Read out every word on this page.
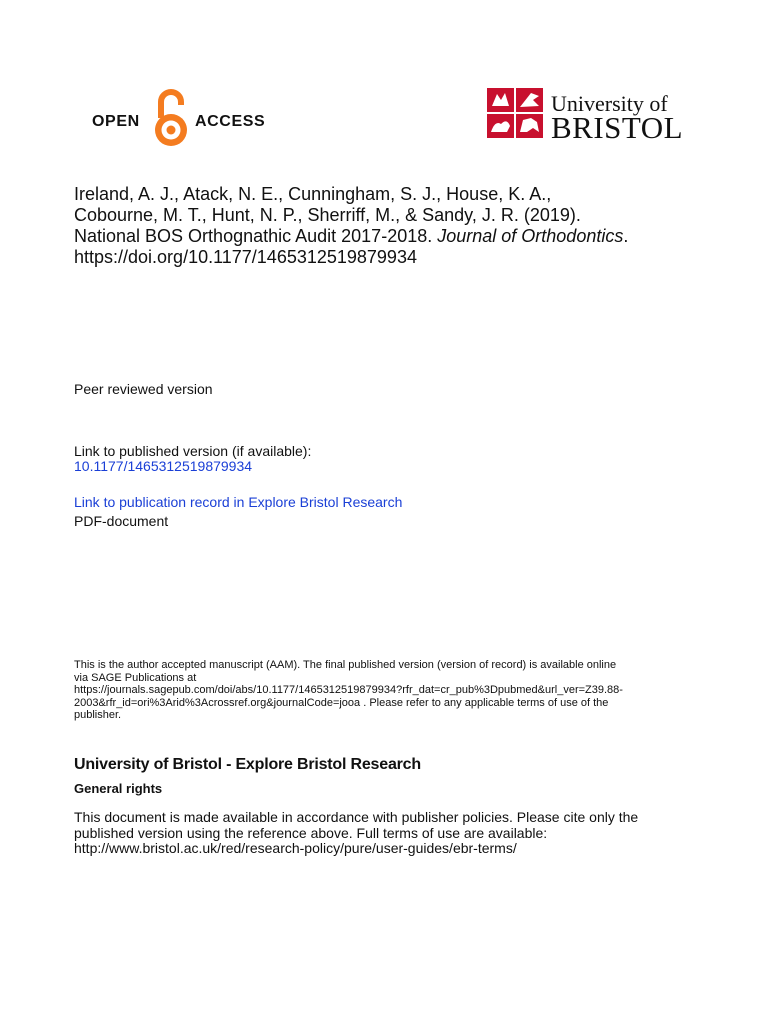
OPEN	ACCESS
University of
BRISTOL
Ireland, A. J., Atack, N. E., Cunningham, S. J., House, K. A.,
Cobourne, M. T., Hunt, N. P., Sherriff, M., & Sandy, J. R. (2019).
National BOS Orthognathic Audit 2017-2018. Journal of Orthodontics.
https://doi.org/10.1177/1465312519879934
Peer reviewed version
Link to published version (if available):
10.1177/1465312519879934
Link to publication record in Explore Bristol Research
PDF-document
This is the author accepted manuscript (AAM). The final published version (version of record) is available online
via SAGE Publications at
https://journals.sagepub.com/doi/abs/10.1177/1465312519879934?rfr_dat=cr_pub%3Dpubmed&url_ver=Z39.88-
2003&rfr_id=ori%3Arid%3Acrossref.org&journalCode=jooa . Please refer to any applicable terms of use of the
publisher.
University of Bristol - Explore Bristol Research
General rights
This document is made available in accordance with publisher policies. Please cite only the
published version using the reference above. Full terms of use are available:
http://www.bristol.ac.uk/red/research-policy/pure/user-guides/ebr-terms/
